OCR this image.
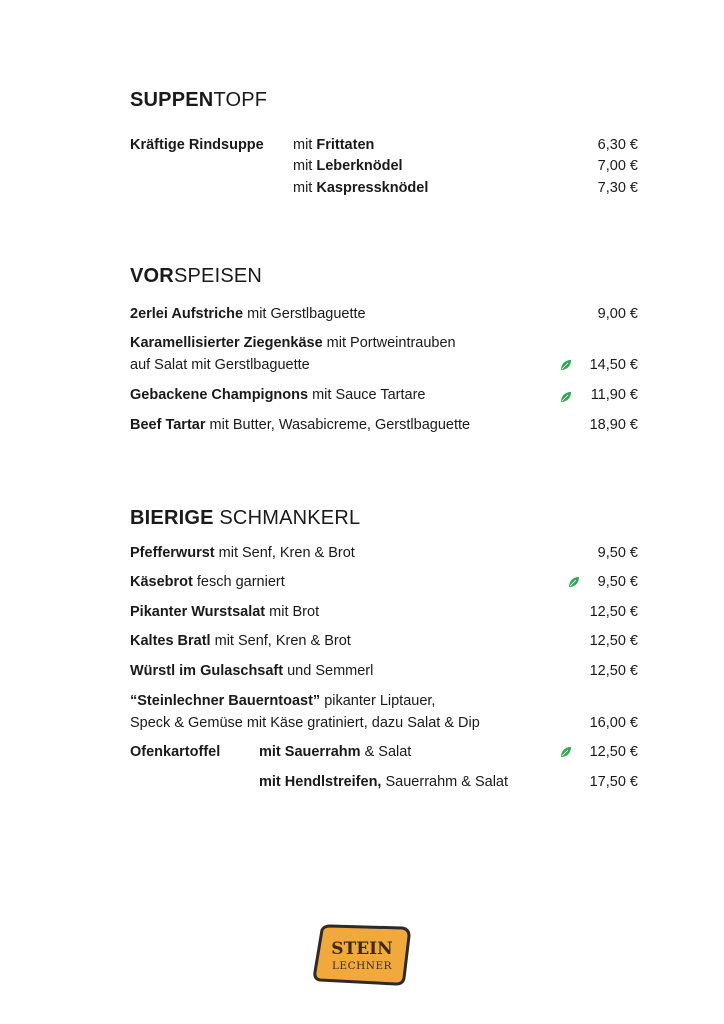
SUPPENTOPF
Kräftige Rindsuppe mit Frittaten	6,30 €
mit Leberknödel	7,00 €
mit Kaspressknödel	7,30 €
VORSPEISEN
2erlei Aufstriche mit Gerstlbaguette	9,00 €
Karamellisierter Ziegenkäse mit Portweintrauben
auf Salat mit Gerstlbaguette	14,50 €
Gebackene Champignons mit Sauce Tartare	11,90 €
Beef Tartar mit Butter, Wasabicreme, Gerstlbaguette	18,90 €
BIERIGE SCHMANKERL
Pfefferwurst mit Senf, Kren & Brot	9,50 €
Käsebrot fesch garniert	9,50 €
Pikanter Wurstsalat mit Brot	12,50 €
Kaltes Bratl mit Senf, Kren & Brot	12,50 €
Würstl im Gulaschsaft und Semmerl	12,50 €
“Steinlechner Bauerntoast” pikanter Liptauer,
Speck & Gemüse mit Käse gratiniert, dazu Salat & Dip	16,00 €
Ofenkartoffel	mit Sauerrahm & Salat	12,50 €
mit Hendlstreifen, Sauerrahm & Salat	17,50 €
STEIN
LECHNER
